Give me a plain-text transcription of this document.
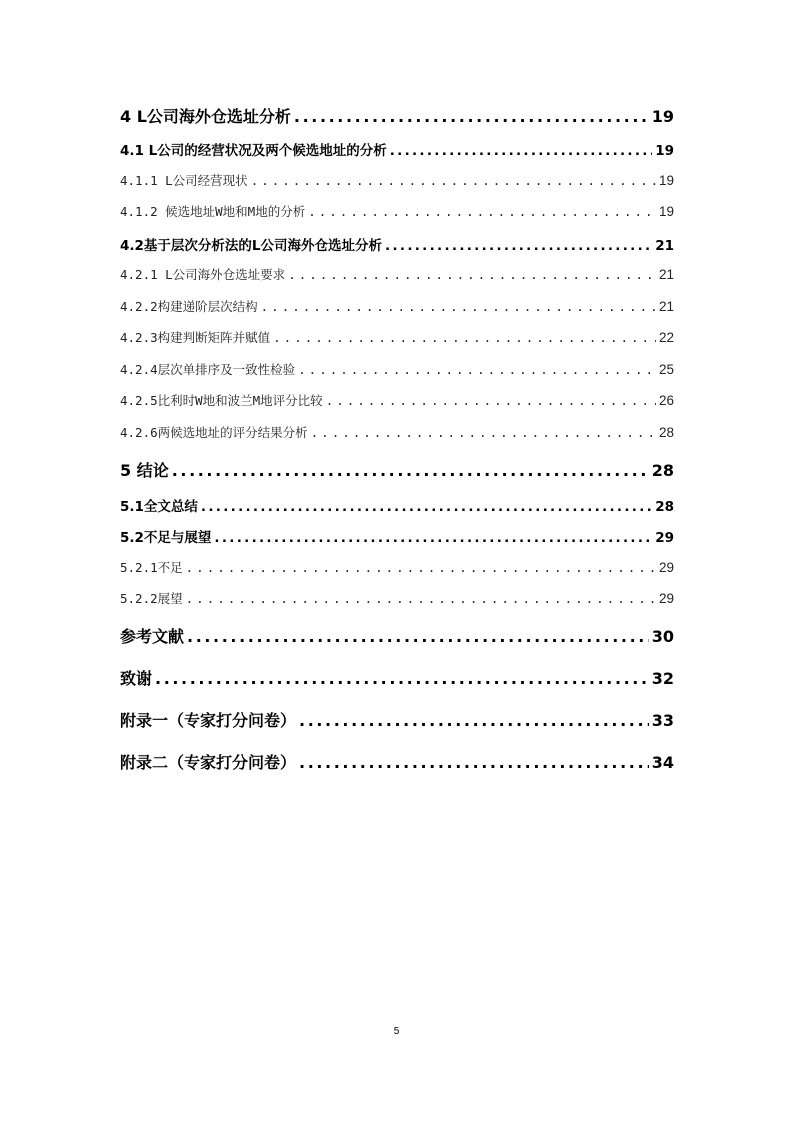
4 L公司海外仓选址分析 .....	19
4.1 L公司的经营状况及两个候选地址的分析 .....	19
4.1.1 L公司经营现状 .....	19
4.1.2 候选地址W地和M地的分析 .....	19
4.2基于层次分析法的L公司海外仓选址分析 .....	21
4.2.1 L公司海外仓选址要求 .....	21
4.2.2构建递阶层次结构 .....	21
4.2.3构建判断矩阵并赋值 .....	22
4.2.4层次单排序及一致性检验 .....	25
4.2.5比利时W地和波兰M地评分比较 .....	26
4.2.6两候选地址的评分结果分析 .....	28
5 结论 .....	28
5.1全文总结 .....	28
5.2不足与展望 .....	29
5.2.1不足 .....	29
5.2.2展望 .....	29
参考文献 .....	30
致谢 .....	32
附录一（专家打分问卷） .....	33
附录二（专家打分问卷） .....	34
5
